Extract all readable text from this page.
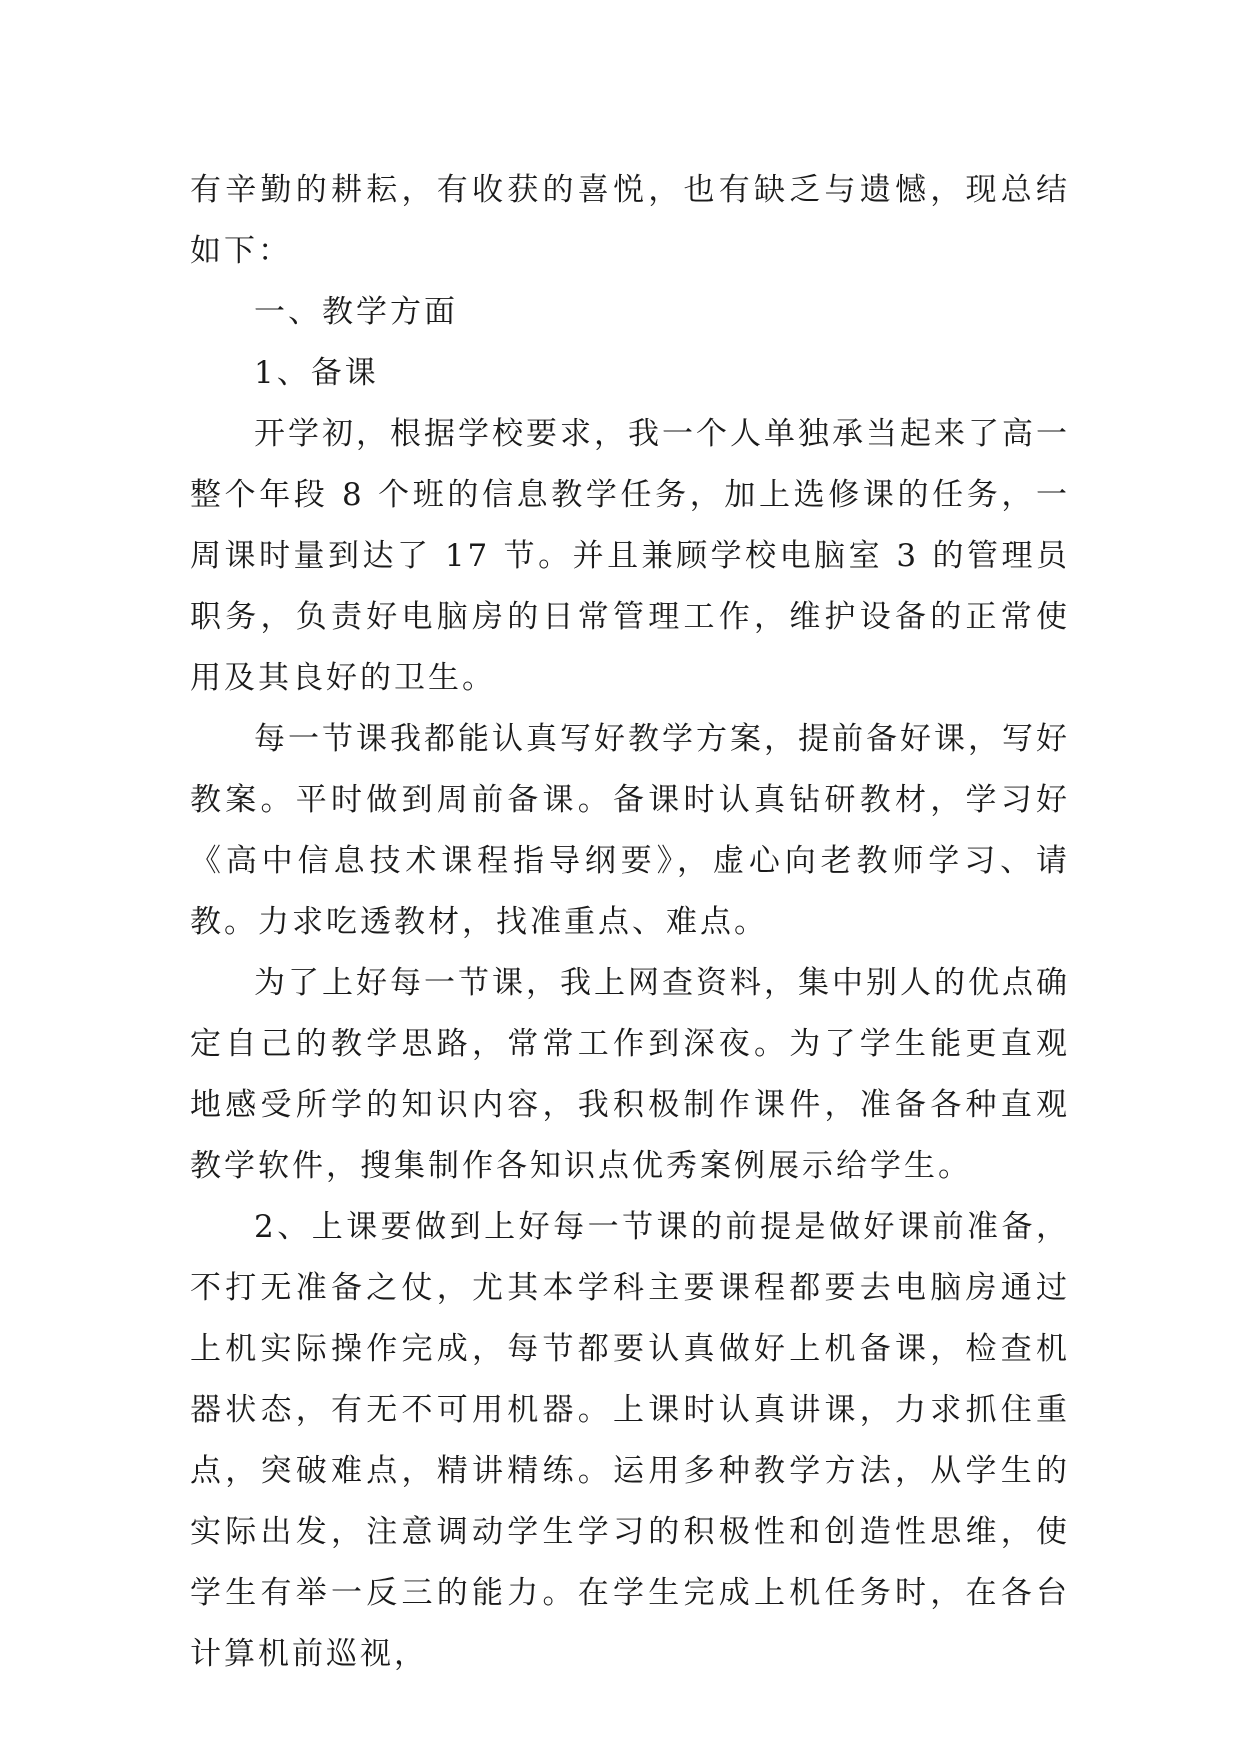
有辛勤的耕耘，有收获的喜悦，也有缺乏与遗憾，现总结如下：

一、教学方面

1、备课

开学初，根据学校要求，我一个人单独承当起来了高一整个年段 8 个班的信息教学任务，加上选修课的任务，一周课时量到达了 17 节。并且兼顾学校电脑室 3 的管理员职务，负责好电脑房的日常管理工作，维护设备的正常使用及其良好的卫生。

每一节课我都能认真写好教学方案，提前备好课，写好教案。平时做到周前备课。备课时认真钻研教材，学习好《高中信息技术课程指导纲要》，虚心向老教师学习、请教。力求吃透教材，找准重点、难点。

为了上好每一节课，我上网查资料，集中别人的优点确定自己的教学思路，常常工作到深夜。为了学生能更直观地感受所学的知识内容，我积极制作课件，准备各种直观教学软件，搜集制作各知识点优秀案例展示给学生。

2、上课要做到上好每一节课的前提是做好课前准备，不打无准备之仗，尤其本学科主要课程都要去电脑房通过上机实际操作完成，每节都要认真做好上机备课，检查机器状态，有无不可用机器。上课时认真讲课，力求抓住重点，突破难点，精讲精练。运用多种教学方法，从学生的实际出发，注意调动学生学习的积极性和创造性思维，使学生有举一反三的能力。在学生完成上机任务时，在各台计算机前巡视，
